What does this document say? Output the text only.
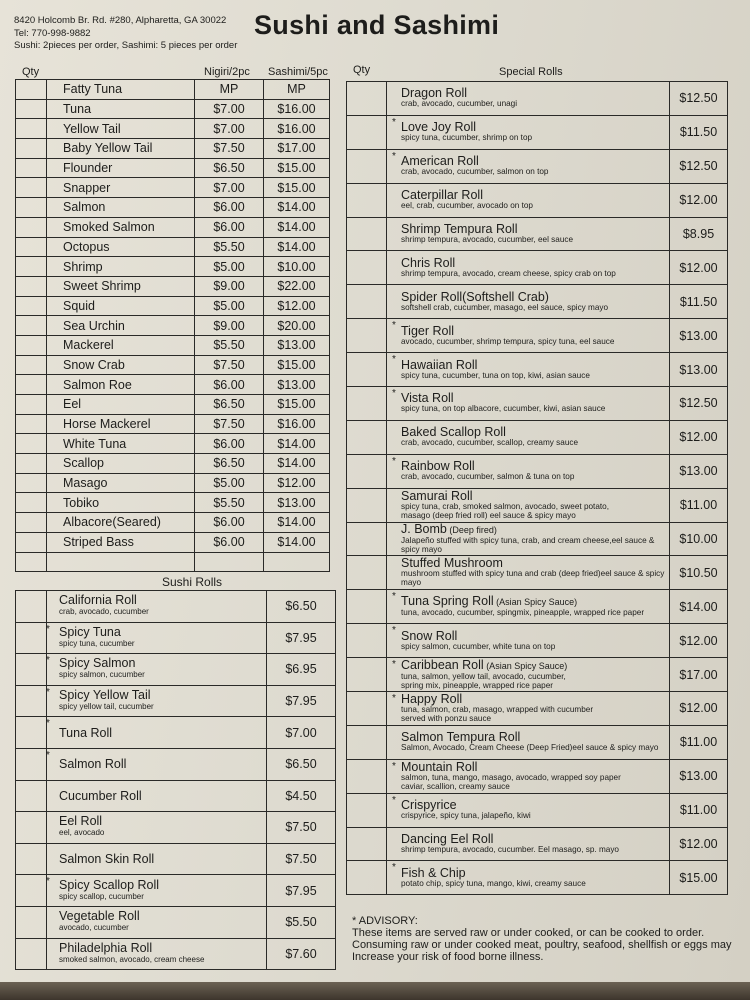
8420 Holcomb Br. Rd. #280, Alpharetta, GA 30022
Tel: 770-998-9882
Sushi: 2pieces per order, Sashimi: 5 pieces per order
Sushi and Sashimi
Qty	Nigiri/2pc Sashimi/5pc
	Fatty Tuna	MP	MP
	Tuna	$7.00	$16.00
	Yellow Tail	$7.00	$16.00
	Baby Yellow Tail	$7.50	$17.00
	Flounder	$6.50	$15.00
	Snapper	$7.00	$15.00
	Salmon	$6.00	$14.00
	Smoked Salmon	$6.00	$14.00
	Octopus	$5.50	$14.00
	Shrimp	$5.00	$10.00
	Sweet Shrimp	$9.00	$22.00
	Squid	$5.00	$12.00
	Sea Urchin	$9.00	$20.00
	Mackerel	$5.50	$13.00
	Snow Crab	$7.50	$15.00
	Salmon Roe	$6.00	$13.00
	Eel	$6.50	$15.00
	Horse Mackerel	$7.50	$16.00
	White Tuna	$6.00	$14.00
	Scallop	$6.50	$14.00
	Masago	$5.00	$12.00
	Tobiko	$5.50	$13.00
	Albacore(Seared)	$6.00	$14.00
	Striped Bass	$6.00	$14.00

Sushi Rolls
	California Roll
crab, avocado, cucumber	$6.50

	* Spicy Tuna
spicy tuna, cucumber	$7.95

	* Spicy Salmon
spicy salmon, cucumber	$6.95

	* Spicy Yellow Tail
spicy yellow tail, cucumber	$7.95

	*
Tuna Roll	$7.00

	*
Salmon Roll	$6.50
	Cucumber Roll	$4.50
	Eel Roll
eel, avocado	$7.50
	Salmon Skin Roll	$7.50

	* Spicy Scallop Roll
spicy scallop, cucumber	$7.95
	Vegetable Roll
avocado, cucumber	$5.50
	Philadelphia Roll
smoked salmon, avocado, cream cheese	$7.60
Qty	Special Rolls

	Dragon Roll
crab, avocado, cucumber, unagi	$12.50

	* Love Joy Roll
spicy tuna, cucumber, shrimp on top	$11.50

	* American Roll
crab, avocado, cucumber, salmon on top	$12.50

	Caterpillar Roll
eel, crab, cucumber, avocado on top	$12.00

	Shrimp Tempura Roll
shrimp tempura, avocado, cucumber, eel sauce	$8.95

	Chris Roll
shrimp tempura, avocado, cream cheese, spicy crab on top	$12.00

	Spider Roll(Softshell Crab)
softshell crab, cucumber, masago, eel sauce, spicy mayo	$11.50

	* Tiger Roll
avocado, cucumber, shrimp tempura, spicy tuna, eel sauce	$13.00

	* Hawaiian Roll
spicy tuna, cucumber, tuna on top, kiwi, asian sauce	$13.00

	* Vista Roll
spicy tuna, on top albacore, cucumber, kiwi, asian sauce	$12.50

	Baked Scallop Roll
crab, avocado, cucumber, scallop, creamy sauce	$12.00

	* Rainbow Roll
crab, avocado, cucumber, salmon & tuna on top	$13.00

	Samurai Roll
spicy tuna, crab, smoked salmon, avocado, sweet potato,
masago (deep fried roll) eel sauce & spicy mayo	$11.00

	J. Bomb (Deep fired)
Jalapeño stuffed with spicy tuna, crab, and cream cheese,eel sauce & spicy mayo	$10.00

	Stuffed Mushroom
mushroom stuffed with spicy tuna and crab (deep fried)eel sauce & spicy mayo	$10.50

	* Tuna Spring Roll (Asian Spicy Sauce)
tuna, avocado, cucumber, spingmix, pineapple, wrapped rice paper	$14.00

	* Snow Roll
spicy salmon, cucumber, white tuna on top	$12.00

	* Caribbean Roll (Asian Spicy Sauce)
tuna, salmon, yellow tail, avocado, cucumber,
spring mix, pineapple, wrapped rice paper	$17.00

	* Happy Roll
tuna, salmon, crab, masago, wrapped with cucumber
served with ponzu sauce	$12.00

	Salmon Tempura Roll
Salmon, Avocado, Cream Cheese (Deep Fried)eel sauce & spicy mayo	$11.00

	* Mountain Roll
salmon, tuna, mango, masago, avocado, wrapped soy paper
caviar, scallion, creamy sauce	$13.00

	* Crispyrice
crispyrice, spicy tuna, jalapeño, kiwi	$11.00

	Dancing Eel Roll
shrimp tempura, avocado, cucumber. Eel masago, sp. mayo	$12.00

	* Fish & Chip
potato chip, spicy tuna, mango, kiwi, creamy sauce	$15.00
* ADVISORY:
These items are served raw or under cooked, or can be cooked to order.
Consuming raw or under cooked meat, poultry, seafood, shellfish or eggs may
Increase your risk of food borne illness.
